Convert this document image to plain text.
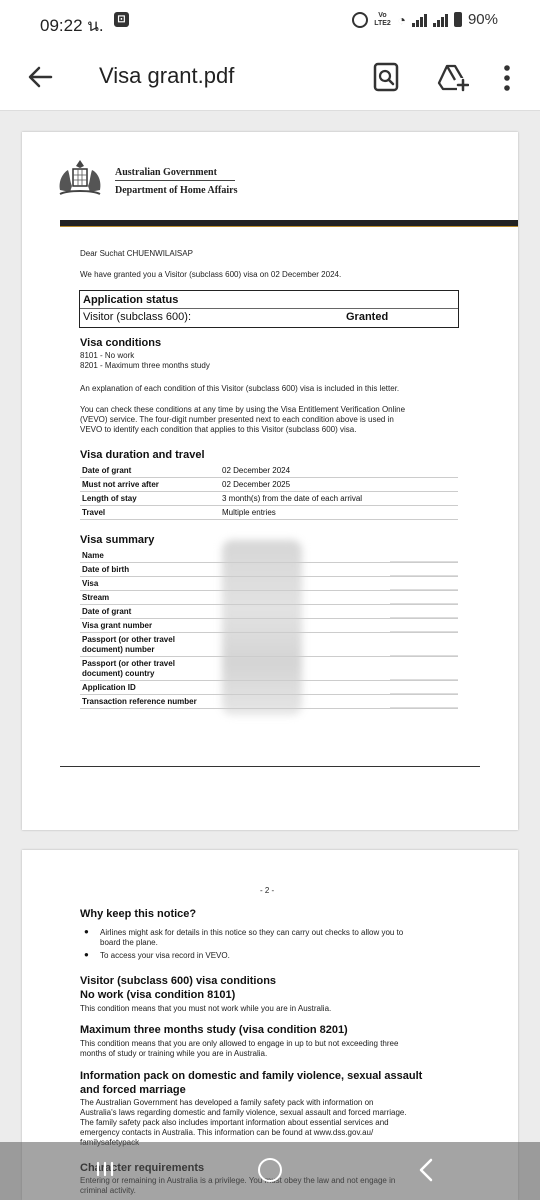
09:22 น.	⊡	Vo LTE2 ◔	90%
Visa grant.pdf
Australian Government
Department of Home Affairs
Dear Suchat CHUENWILAISAP
We have granted you a Visitor (subclass 600) visa on 02 December 2024.
Application status
Visitor (subclass 600):	Granted
Visa conditions
8101 - No work
8201 - Maximum three months study
An explanation of each condition of this Visitor (subclass 600) visa is included in this letter.
You can check these conditions at any time by using the Visa Entitlement Verification Online
(VEVO) service. The four-digit number presented next to each condition above is used in
VEVO to identify each condition that applies to this Visitor (subclass 600) visa.
Visa duration and travel
Date of grant	02 December 2024
Must not arrive after	02 December 2025
Length of stay	3 month(s) from the date of each arrival
Travel	Multiple entries
Visa summary
Name
Date of birth
Visa
Stream
Date of grant
Visa grant number
Passport (or other travel
document) number
Passport (or other travel
document) country
Application ID
Transaction reference number
- 2 -
Why keep this notice?
● Airlines might ask for details in this notice so they can carry out checks to allow you to
board the plane.
● To access your visa record in VEVO.
Visitor (subclass 600) visa conditions
No work (visa condition 8101)
This condition means that you must not work while you are in Australia.
Maximum three months study (visa condition 8201)
This condition means that you are only allowed to engage in up to but not exceeding three
months of study or training while you are in Australia.
Information pack on domestic and family violence, sexual assault
and forced marriage
The Australian Government has developed a family safety pack with information on
Australia's laws regarding domestic and family violence, sexual assault and forced marriage.
The family safety pack also includes important information about essential services and
emergency contacts in Australia. This information can be found at www.dss.gov.au/
